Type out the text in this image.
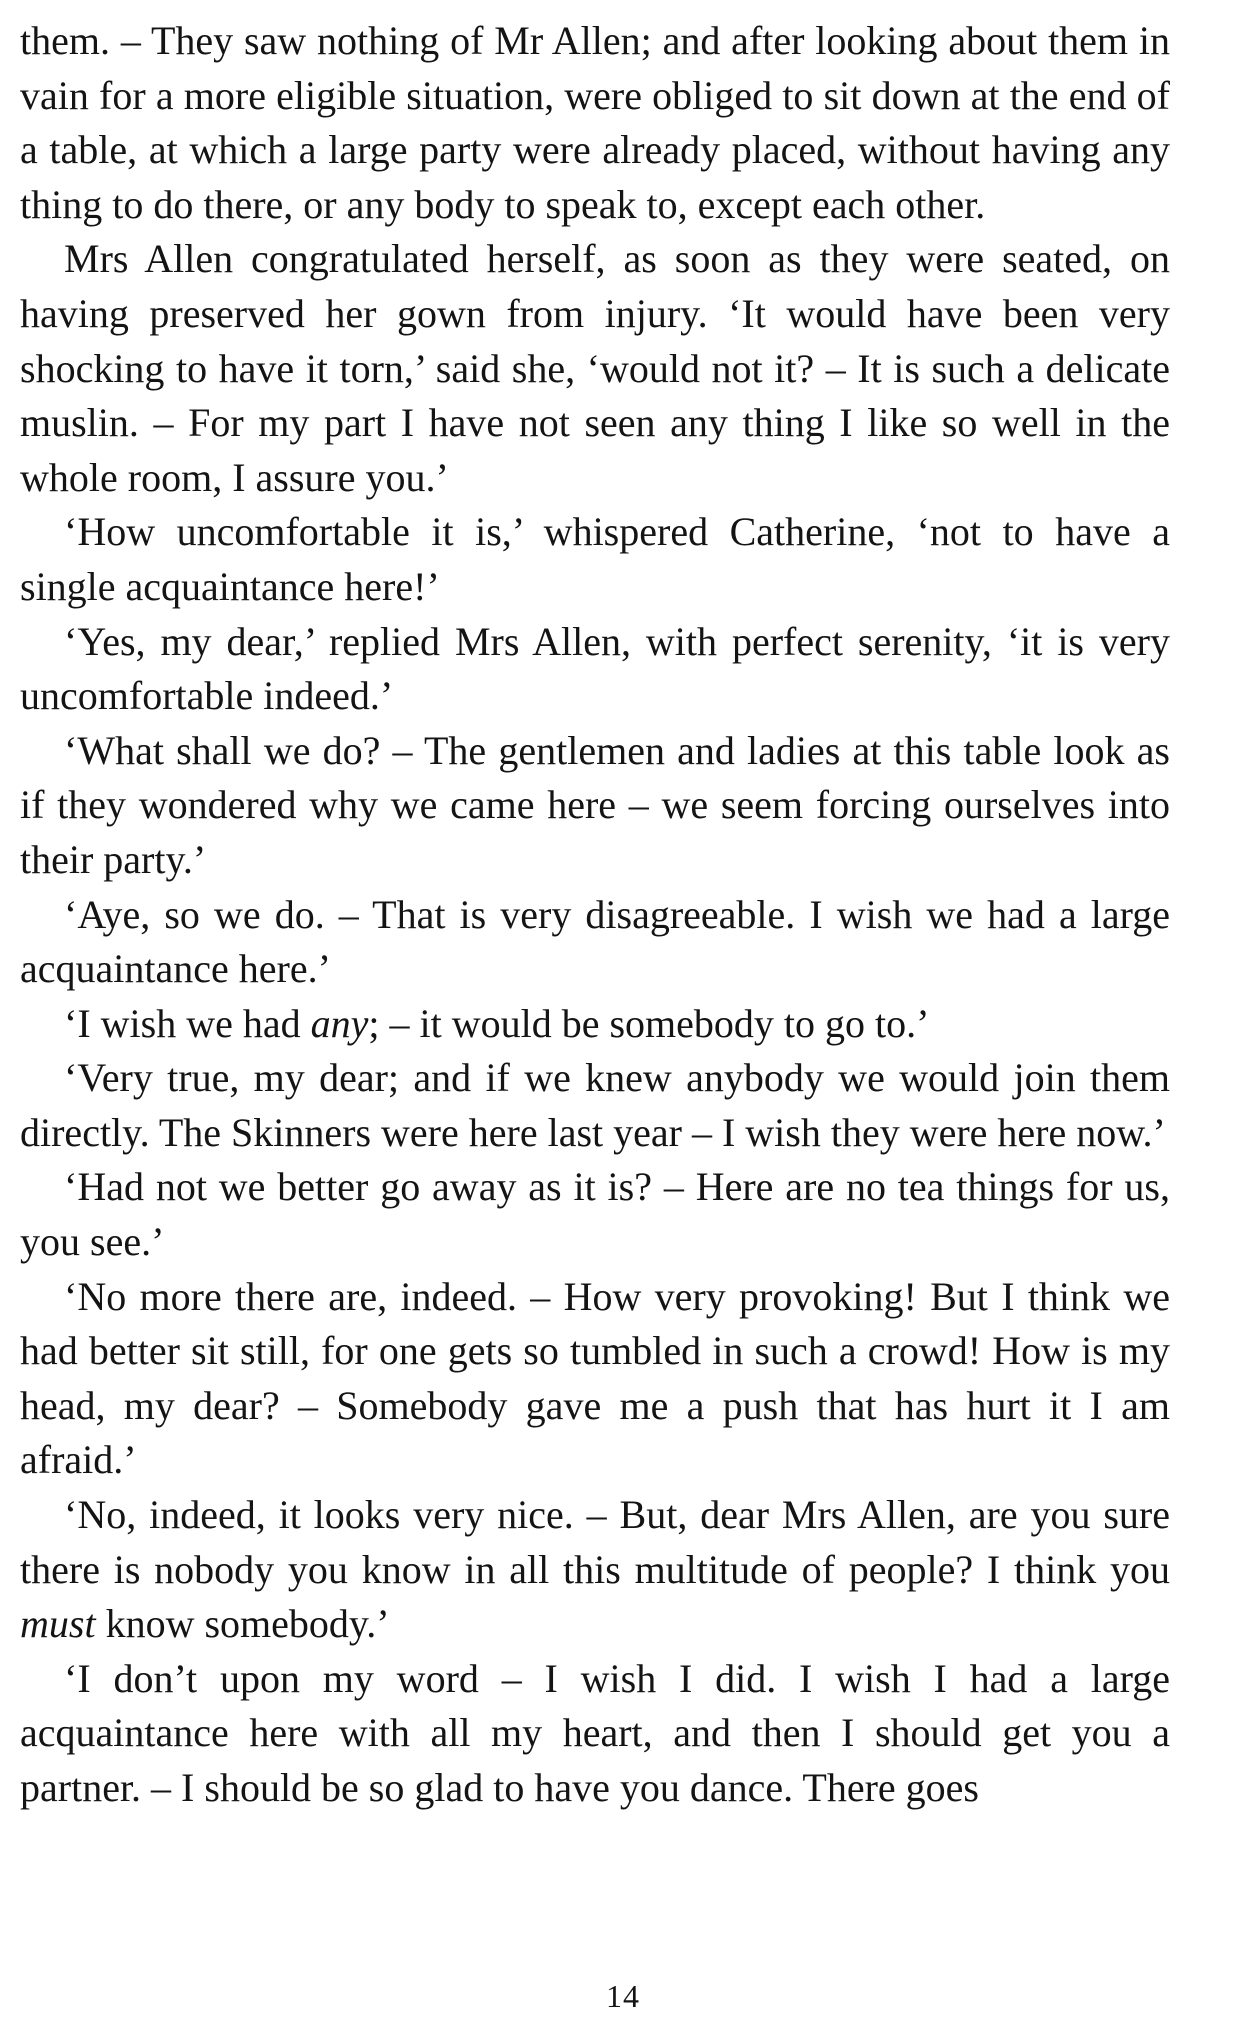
them. – They saw nothing of Mr Allen; and after looking about them in vain for a more eligible situation, were obliged to sit down at the end of a table, at which a large party were already placed, without having any thing to do there, or any body to speak to, except each other.

Mrs Allen congratulated herself, as soon as they were seated, on having preserved her gown from injury. ‘It would have been very shocking to have it torn,’ said she, ‘would not it? – It is such a delicate muslin. – For my part I have not seen any thing I like so well in the whole room, I assure you.’

‘How uncomfortable it is,’ whispered Catherine, ‘not to have a single acquaintance here!’

‘Yes, my dear,’ replied Mrs Allen, with perfect serenity, ‘it is very uncomfortable indeed.’

‘What shall we do? – The gentlemen and ladies at this table look as if they wondered why we came here – we seem forcing ourselves into their party.’

‘Aye, so we do. – That is very disagreeable. I wish we had a large acquaintance here.’

‘I wish we had any; – it would be somebody to go to.’

‘Very true, my dear; and if we knew anybody we would join them directly. The Skinners were here last year – I wish they were here now.’

‘Had not we better go away as it is? – Here are no tea things for us, you see.’

‘No more there are, indeed. – How very provoking! But I think we had better sit still, for one gets so tumbled in such a crowd! How is my head, my dear? – Somebody gave me a push that has hurt it I am afraid.’

‘No, indeed, it looks very nice. – But, dear Mrs Allen, are you sure there is nobody you know in all this multitude of people? I think you must know somebody.’

‘I don’t upon my word – I wish I did. I wish I had a large acquaintance here with all my heart, and then I should get you a partner. – I should be so glad to have you dance. There goes

14
